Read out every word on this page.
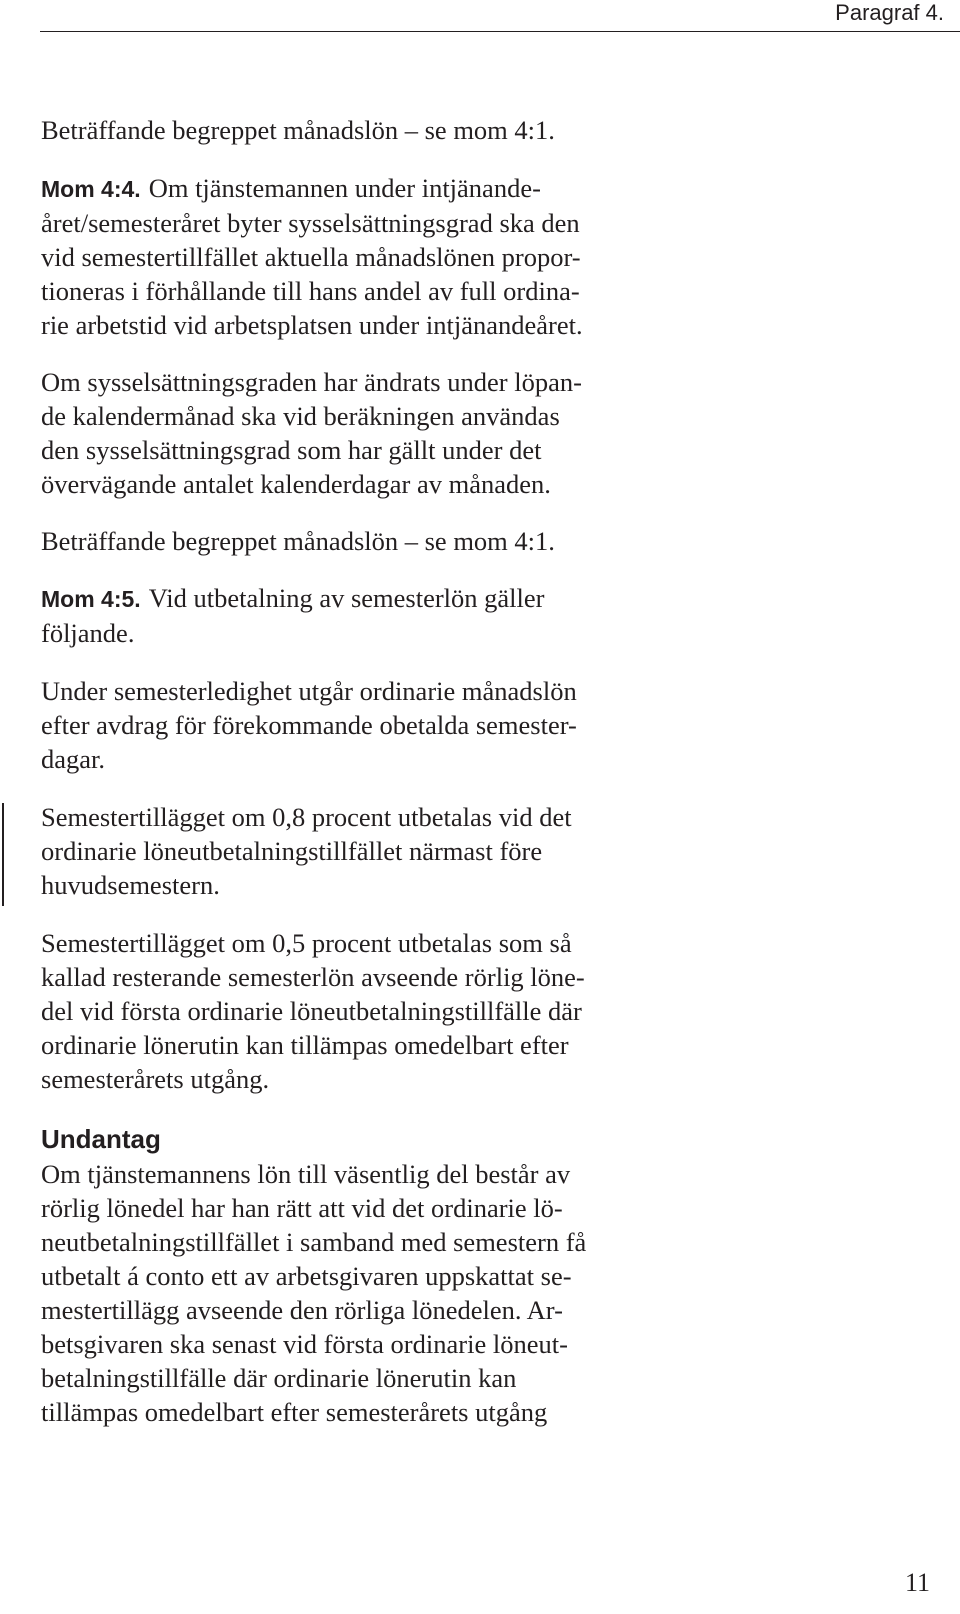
Paragraf 4.

Beträffande begreppet månadslön – se mom 4:1.

Mom 4:4. Om tjänstemannen under intjänande-
året/semesteråret byter sysselsättningsgrad ska den
vid semestertillfället aktuella månadslönen propor-
tioneras i förhållande till hans andel av full ordina-
rie arbetstid vid arbetsplatsen under intjänandeåret.

Om sysselsättningsgraden har ändrats under löpan-
de kalendermånad ska vid beräkningen användas
den sysselsättningsgrad som har gällt under det
övervägande antalet kalenderdagar av månaden.

Beträffande begreppet månadslön – se mom 4:1.

Mom 4:5. Vid utbetalning av semesterlön gäller
följande.

Under semesterledighet utgår ordinarie månadslön
efter avdrag för förekommande obetalda semester-
dagar.

Semestertillägget om 0,8 procent utbetalas vid det
ordinarie löneutbetalningstillfället närmast före
huvudsemestern.

Semestertillägget om 0,5 procent utbetalas som så
kallad resterande semesterlön avseende rörlig löne-
del vid första ordinarie löneutbetalningstillfälle där
ordinarie lönerutin kan tillämpas omedelbart efter
semesterårets utgång.

Undantag

Om tjänstemannens lön till väsentlig del består av
rörlig lönedel har han rätt att vid det ordinarie lö-
neutbetalningstillfället i samband med semestern få
utbetalt á conto ett av arbetsgivaren uppskattat se-
mestertillägg avseende den rörliga lönedelen. Ar-
betsgivaren ska senast vid första ordinarie löneut-
betalningstillfälle där ordinarie lönerutin kan
tillämpas omedelbart efter semesterårets utgång

11
